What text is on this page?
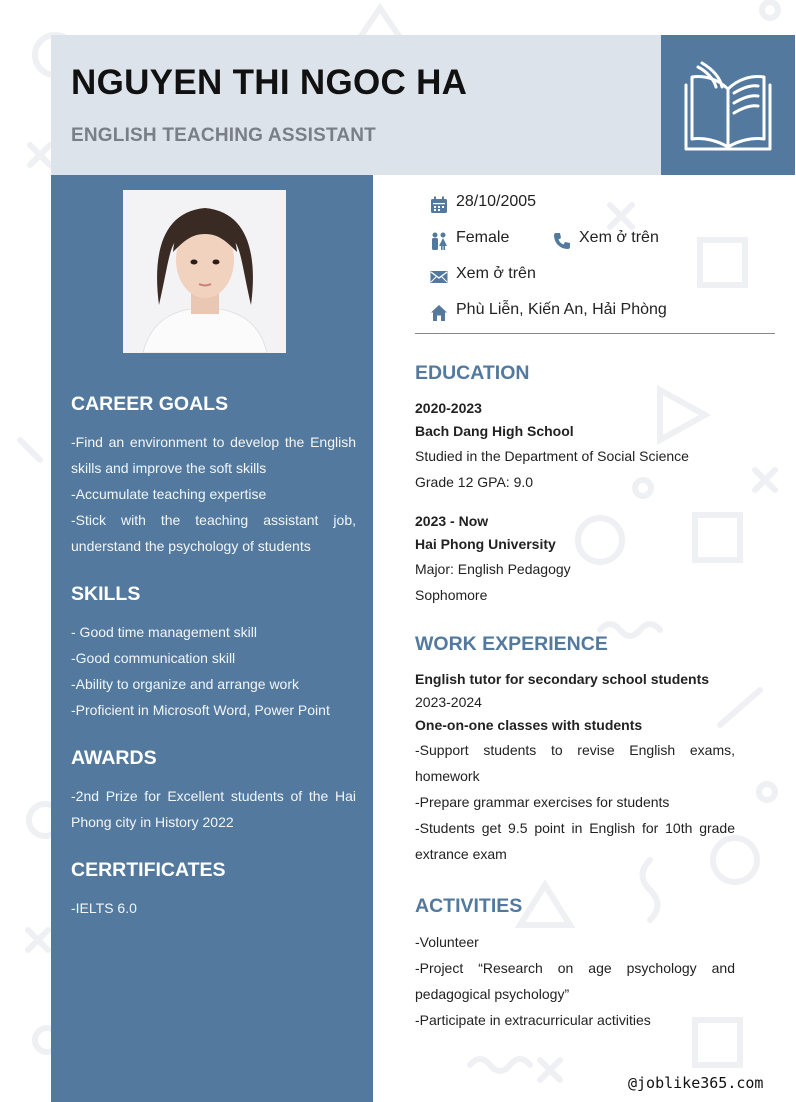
NGUYEN THI NGOC HA
ENGLISH TEACHING ASSISTANT
CAREER GOALS
-Find an environment to develop the English skills and improve the soft skills
-Accumulate teaching expertise
-Stick with the teaching assistant job, understand the psychology of students
SKILLS
- Good time management skill
-Good communication skill
-Ability to organize and arrange work
-Proficient in Microsoft Word, Power Point
AWARDS
-2nd Prize for Excellent students of the Hai Phong city in History 2022
CERRTIFICATES
-IELTS 6.0
28/10/2005
Female	Xem ở trên
Xem ở trên
Phù Liễn, Kiến An, Hải Phòng
EDUCATION
2020-2023
Bach Dang High School
Studied in the Department of Social Science
Grade 12 GPA: 9.0
2023 - Now
Hai Phong University
Major: English Pedagogy
Sophomore
WORK EXPERIENCE
English tutor for secondary school students
2023-2024
One-on-one classes with students
-Support students to revise English exams, homework
-Prepare grammar exercises for students
-Students get 9.5 point in English for 10th grade extrance exam
ACTIVITIES
-Volunteer
-Project “Research on age psychology and pedagogical psychology”
-Participate in extracurricular activities
@joblike365.com
